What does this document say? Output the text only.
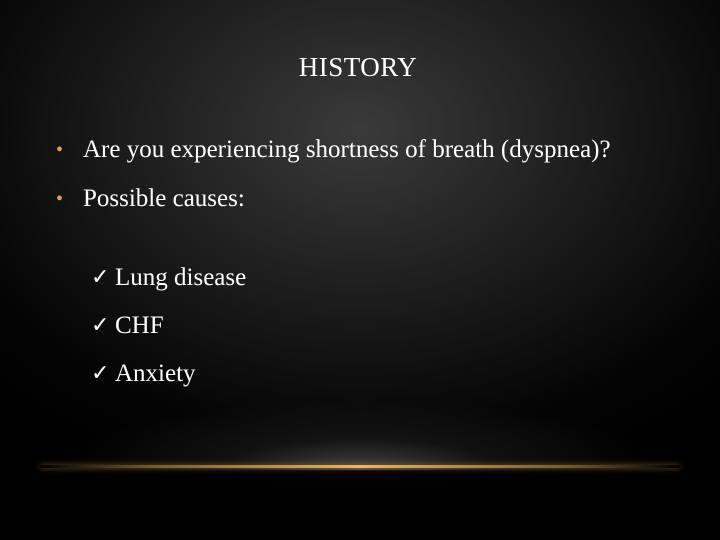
HISTORY
• Are you experiencing shortness of breath (dyspnea)?
• Possible causes:
✓ Lung disease
✓ CHF
✓ Anxiety
